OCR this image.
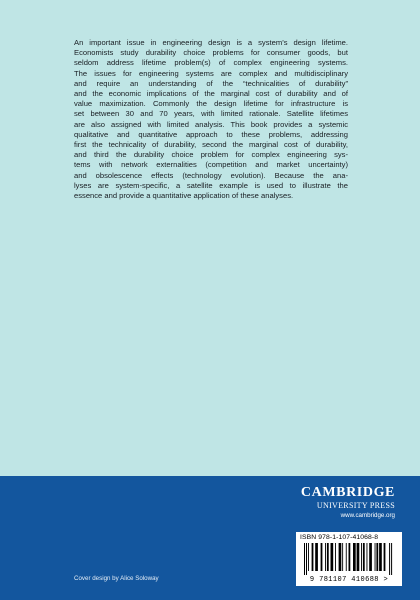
An important issue in engineering design is a system’s design lifetime.
Economists study durability choice problems for consumer goods, but
seldom address lifetime problem(s) of complex engineering systems.
The issues for engineering systems are complex and multidisciplinary
and require an understanding of the “technicalities of durability”
and the economic implications of the marginal cost of durability and of
value maximization. Commonly the design lifetime for infrastructure is
set between 30 and 70 years, with limited rationale. Satellite lifetimes
are also assigned with limited analysis. This book provides a systemic
qualitative and quantitative approach to these problems, addressing
first the technicality of durability, second the marginal cost of durability,
and third the durability choice problem for complex engineering sys-
tems with network externalities (competition and market uncertainty)
and obsolescence effects (technology evolution). Because the ana-
lyses are system-specific, a satellite example is used to illustrate the
essence and provide a quantitative application of these analyses.
CAMBRIDGE
UNIVERSITY PRESS
www.cambridge.org
ISBN 978-1-107-41068-8
9 781107 410688 >
Cover design by Alice Soloway
